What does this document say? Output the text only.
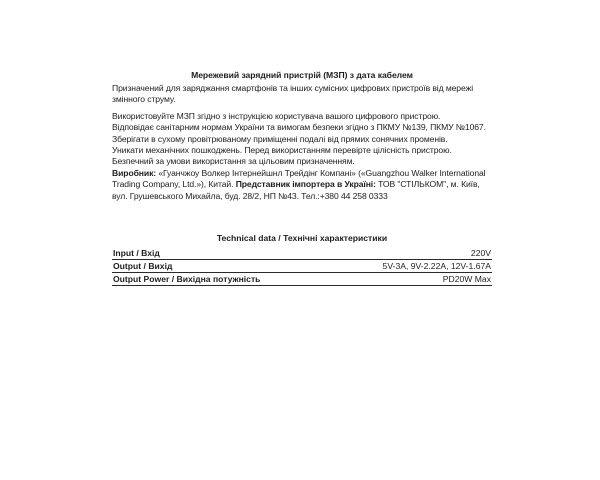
Мережевий зарядний пристрій (МЗП) з дата кабелем

Призначений для заряджання смартфонів та інших сумісних цифрових пристроїв від мережі змінного струму.

Використовуйте МЗП згідно з інструкцією користувача вашого цифрового пристрою.

Відповідає санітарним нормам України та вимогам безпеки згідно з ПКМУ №139, ПКМУ №1067.

Зберігати в сухому провітрюваному приміщенні подалі від прямих сонячних променів.

Уникати механічних пошкоджень. Перед використанням перевірте цілісність пристрою.

Безпечний за умови використання за цільовим призначенням.

Виробник: «Гуанчжоу Волкер Інтернейшнл Трейдінг Компані» («Guangzhou Walker International Trading Company, Ltd.»), Китай. Представник імпортера в Україні: ТОВ "СТІЛЬКОМ", м. Київ, вул. Грушевського Михайла, буд. 28/2, НП №43. Тел.:+380 44 258 0333

Technical data / Технічні характеристики
Input / Вхід	220V
Output / Вихід	5V-3A, 9V-2.22A, 12V-1.67A
Output Power / Вихідна потужність	PD20W Max
